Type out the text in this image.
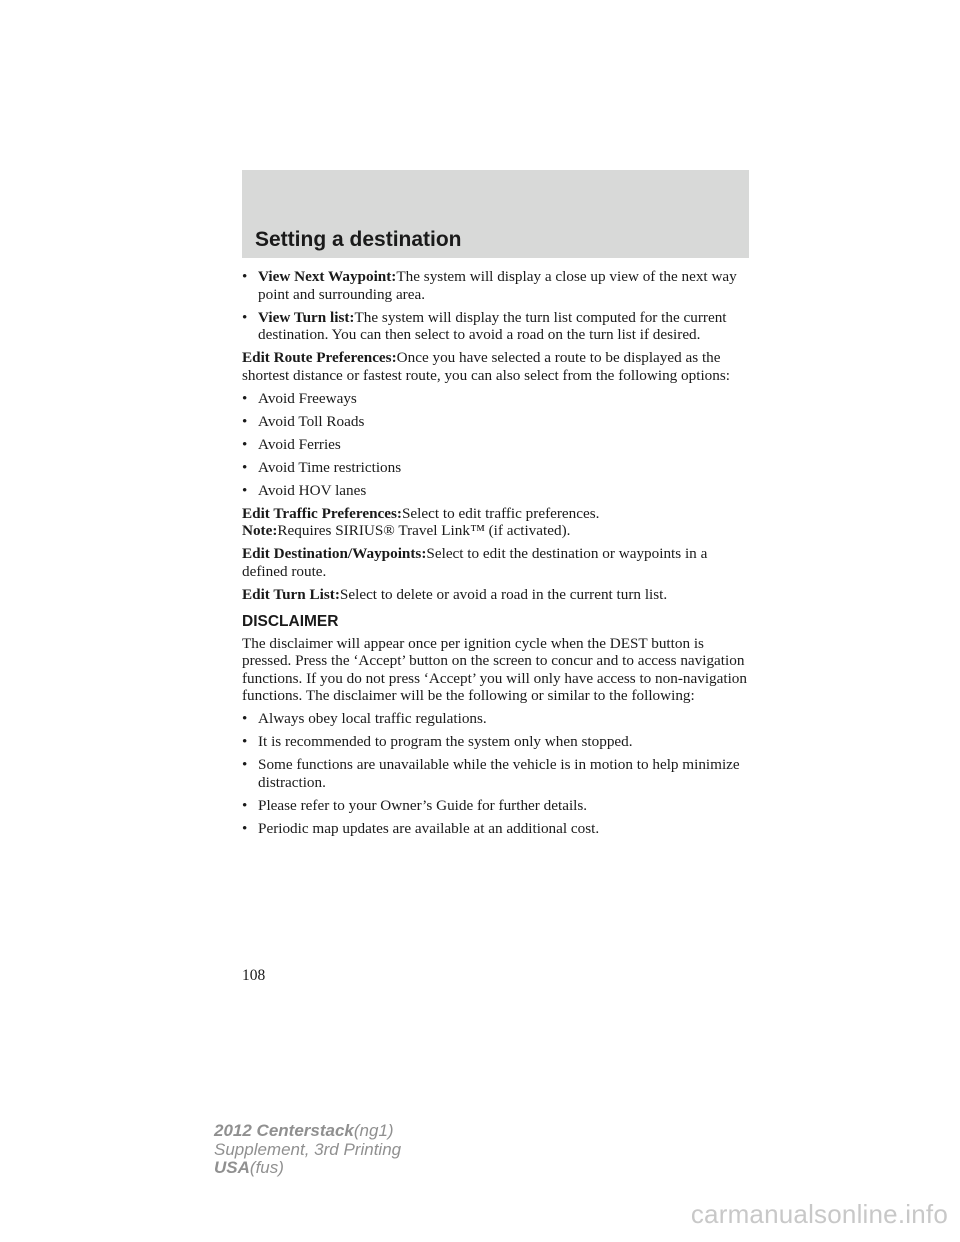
Setting a destination
• View Next Waypoint:The system will display a close up view of the next way point and surrounding area.
• View Turn list:The system will display the turn list computed for the current destination. You can then select to avoid a road on the turn list if desired.
Edit Route Preferences:Once you have selected a route to be displayed as the shortest distance or fastest route, you can also select from the following options:
• Avoid Freeways
• Avoid Toll Roads
• Avoid Ferries
• Avoid Time restrictions
• Avoid HOV lanes
Edit Traffic Preferences:Select to edit traffic preferences.
Note:Requires SIRIUS® Travel Link™ (if activated).
Edit Destination/Waypoints:Select to edit the destination or waypoints in a defined route.
Edit Turn List:Select to delete or avoid a road in the current turn list.
DISCLAIMER
The disclaimer will appear once per ignition cycle when the DEST button is pressed. Press the ‘Accept’ button on the screen to concur and to access navigation functions. If you do not press ‘Accept’ you will only have access to non-navigation functions. The disclaimer will be the following or similar to the following:
• Always obey local traffic regulations.
• It is recommended to program the system only when stopped.
• Some functions are unavailable while the vehicle is in motion to help minimize distraction.
• Please refer to your Owner’s Guide for further details.
• Periodic map updates are available at an additional cost.
108
2012 Centerstack(ng1)
Supplement, 3rd Printing
USA(fus)
carmanualsonline.info
